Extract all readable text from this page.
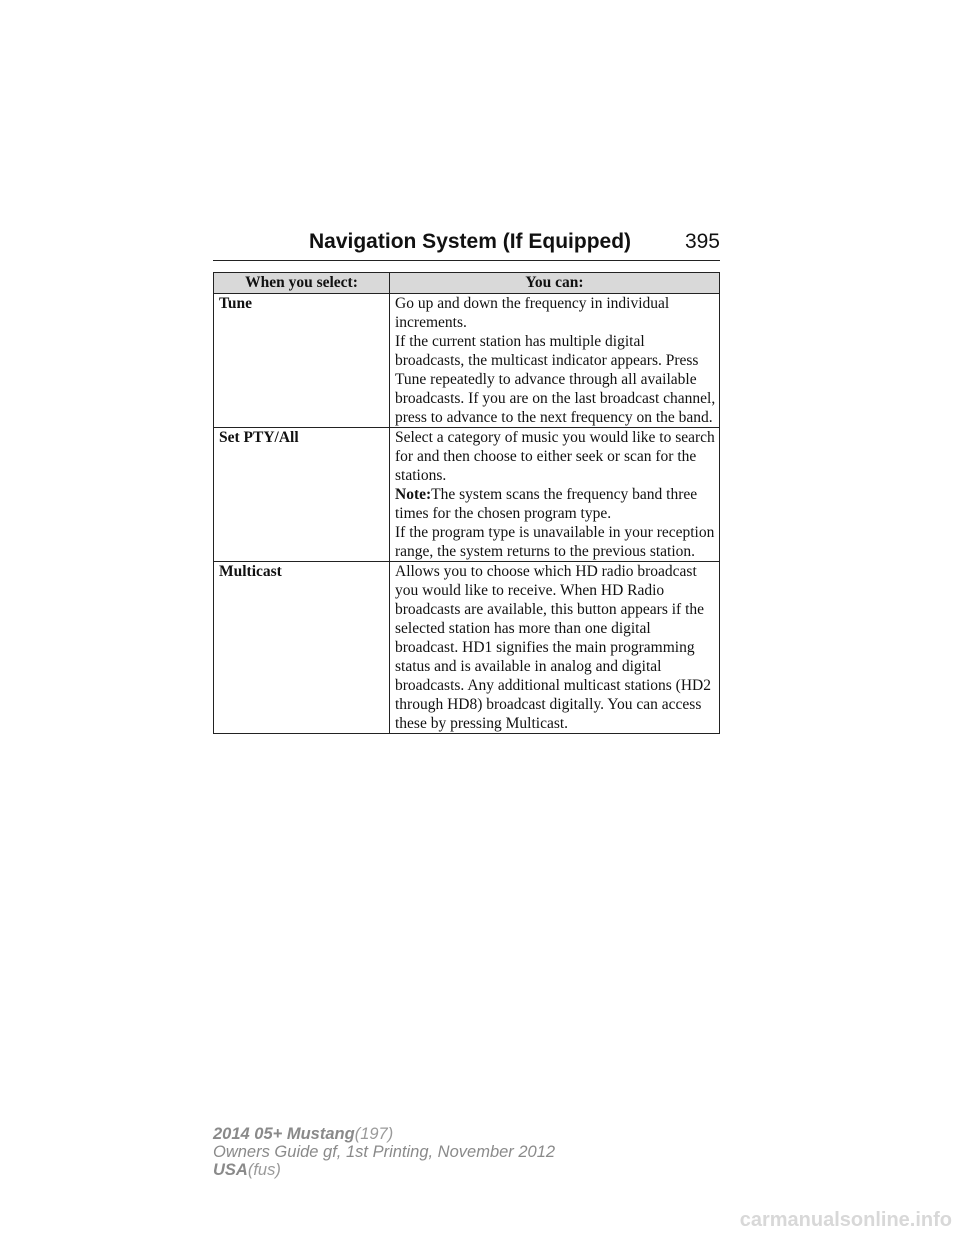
Navigation System (If Equipped)	395
When you select:	You can:
Tune	Go up and down the frequency in individual increments.

If the current station has multiple digital broadcasts, the multicast indicator appears. Press Tune repeatedly to advance through all available broadcasts. If you are on the last broadcast channel, press to advance to the next frequency on the band.

Set PTY/All	Select a category of music you would like to search for and then choose to either seek or scan for the stations.

Note:The system scans the frequency band three times for the chosen program type.

If the program type is unavailable in your reception range, the system returns to the previous station.

Multicast	Allows you to choose which HD radio broadcast you would like to receive. When HD Radio broadcasts are available, this button appears if the selected station has more than one digital broadcast. HD1 signifies the main programming status and is available in analog and digital broadcasts. Any additional multicast stations (HD2 through HD8) broadcast digitally. You can access these by pressing Multicast.

2014 05+ Mustang(197)
Owners Guide gf, 1st Printing, November 2012
USA(fus)
carmanualsonline.info
